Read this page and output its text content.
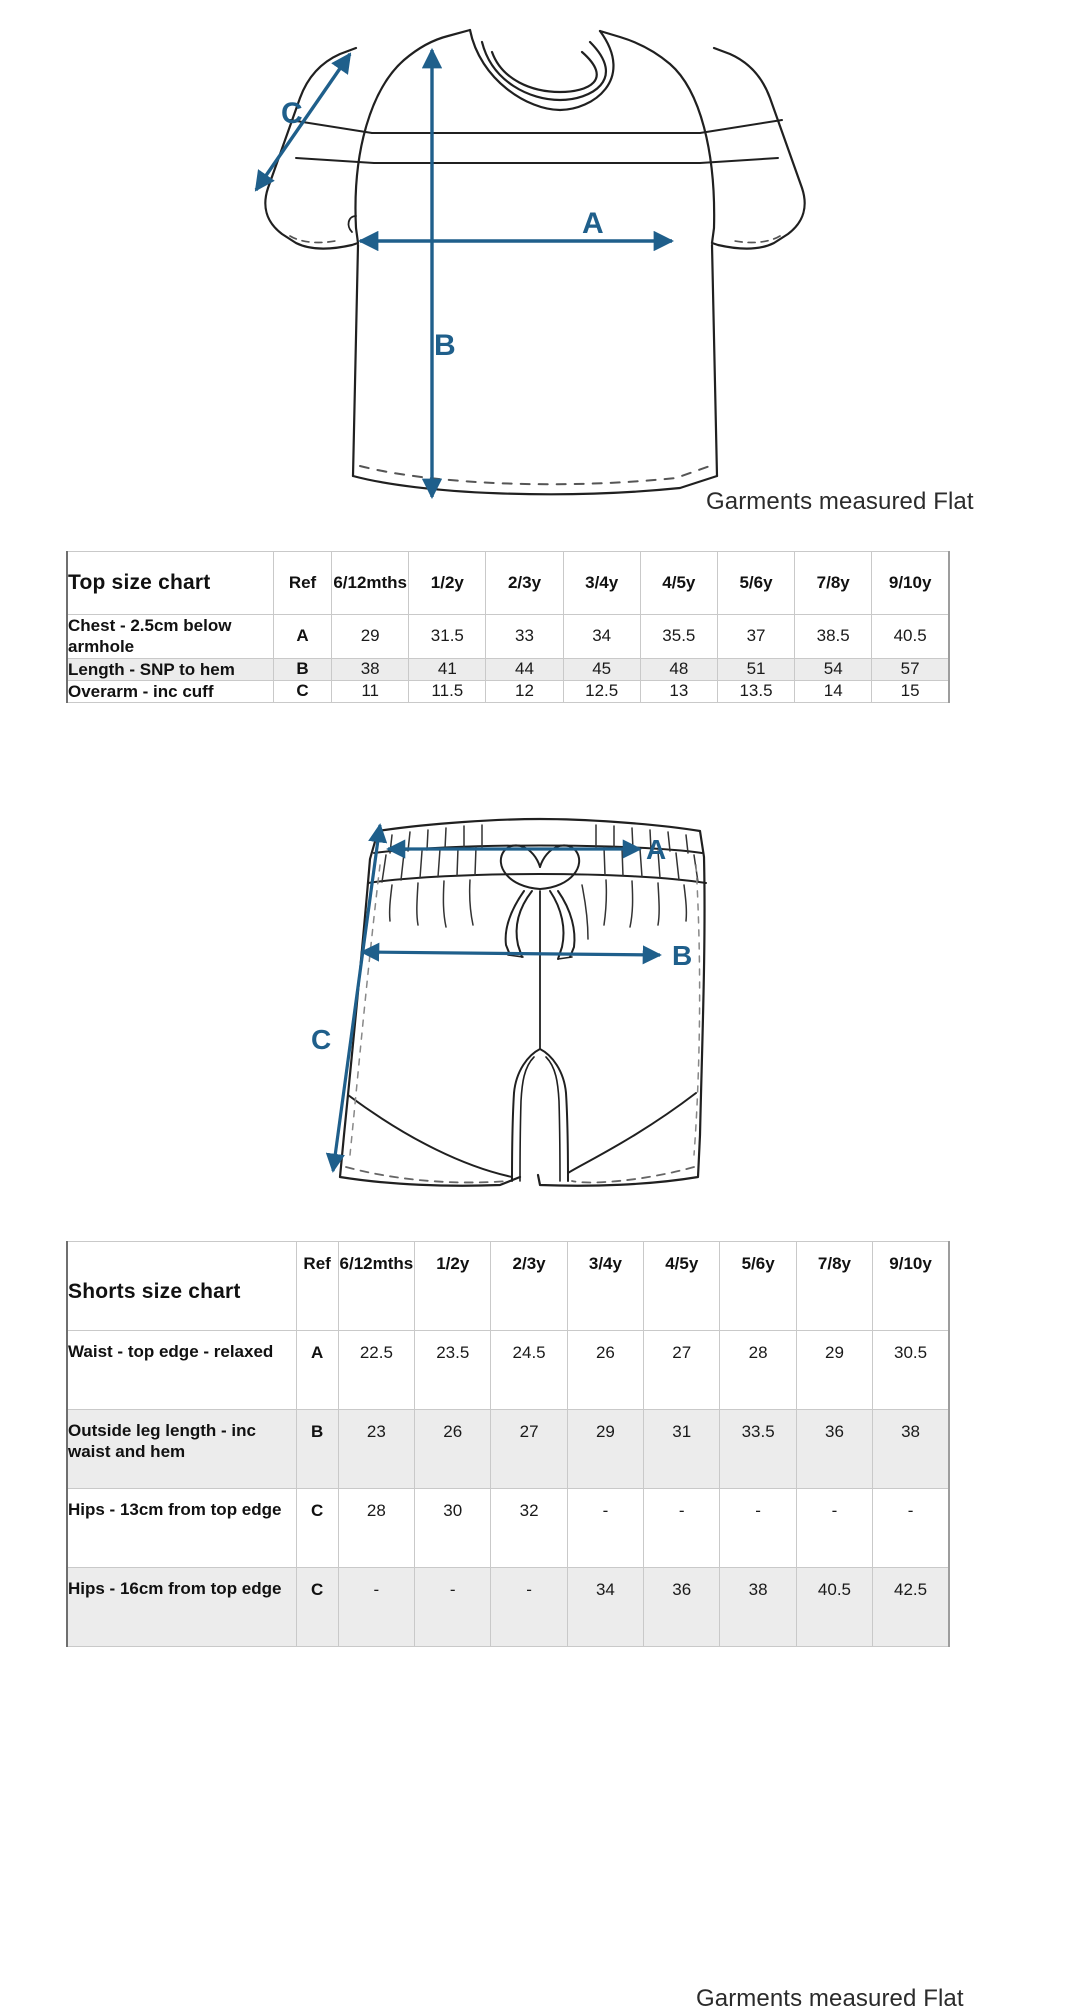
A
B
C
Garments measured Flat
Top size chart	Ref	6/12mths	1/2y	2/3y	3/4y	4/5y	5/6y	7/8y	9/10y
Chest - 2.5cm below armhole	A	29	31.5	33	34	35.5	37	38.5	40.5
Length - SNP to hem	B	38	41	44	45	48	51	54	57
Overarm - inc cuff	C	11	11.5	12	12.5	13	13.5	14	15
A
B
C
Garments measured Flat
Shorts size chart	Ref	6/12mths	1/2y	2/3y	3/4y	4/5y	5/6y	7/8y	9/10y
Waist - top edge - relaxed	A	22.5	23.5	24.5	26	27	28	29	30.5
Outside leg length - inc waist and hem	B	23	26	27	29	31	33.5	36	38
Hips - 13cm from top edge	C	28	30	32	-	-	-	-	-
Hips - 16cm from top edge	C	-	-	-	34	36	38	40.5	42.5
